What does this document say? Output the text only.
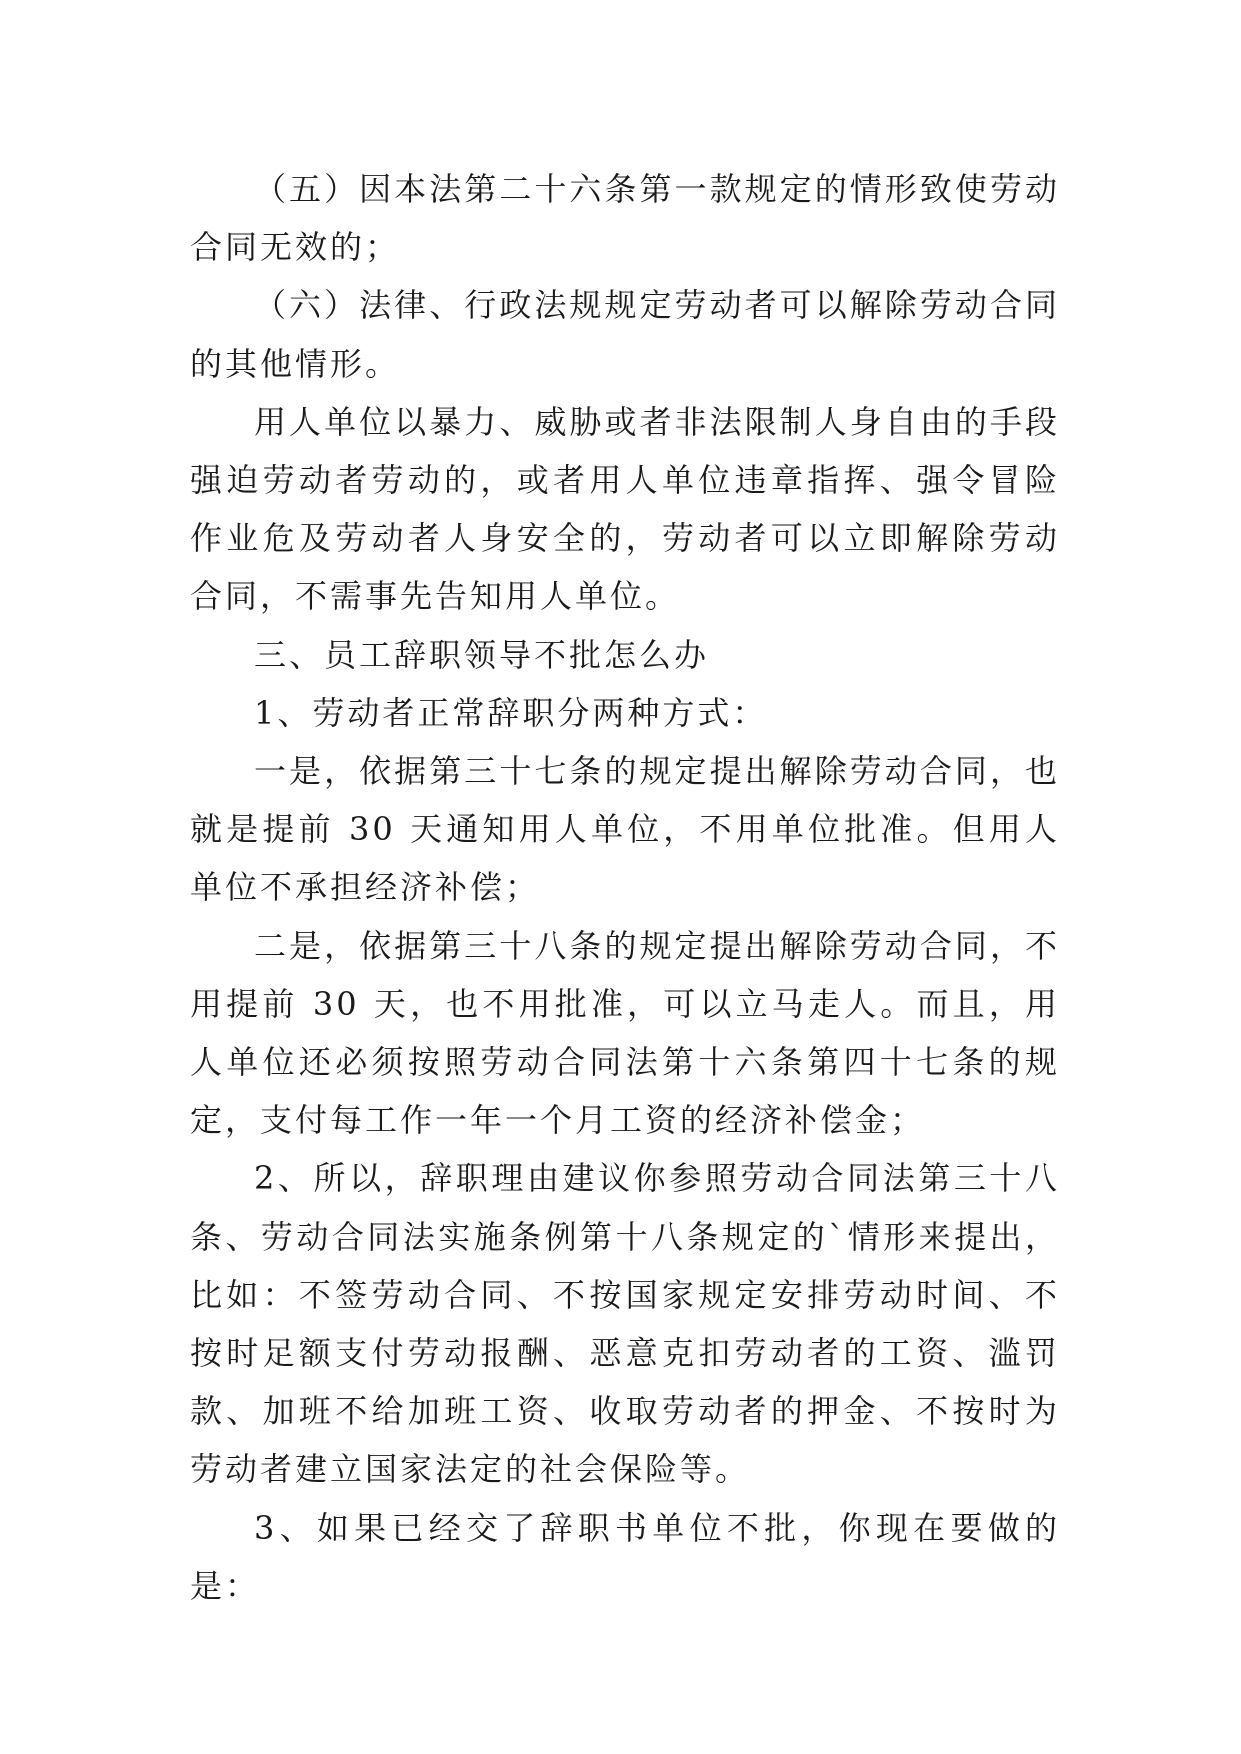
（五）因本法第二十六条第一款规定的情形致使劳动合同无效的；

（六）法律、行政法规规定劳动者可以解除劳动合同的其他情形。

用人单位以暴力、威胁或者非法限制人身自由的手段强迫劳动者劳动的，或者用人单位违章指挥、强令冒险作业危及劳动者人身安全的，劳动者可以立即解除劳动合同，不需事先告知用人单位。

三、员工辞职领导不批怎么办

1、劳动者正常辞职分两种方式：

一是，依据第三十七条的规定提出解除劳动合同，也就是提前 30 天通知用人单位，不用单位批准。但用人单位不承担经济补偿；

二是，依据第三十八条的规定提出解除劳动合同，不用提前 30 天，也不用批准，可以立马走人。而且，用人单位还必须按照劳动合同法第十六条第四十七条的规定，支付每工作一年一个月工资的经济补偿金；

2、所以，辞职理由建议你参照劳动合同法第三十八条、劳动合同法实施条例第十八条规定的`情形来提出，比如：不签劳动合同、不按国家规定安排劳动时间、不按时足额支付劳动报酬、恶意克扣劳动者的工资、滥罚款、加班不给加班工资、收取劳动者的押金、不按时为劳动者建立国家法定的社会保险等。

3、如果已经交了辞职书单位不批，你现在要做的是：
